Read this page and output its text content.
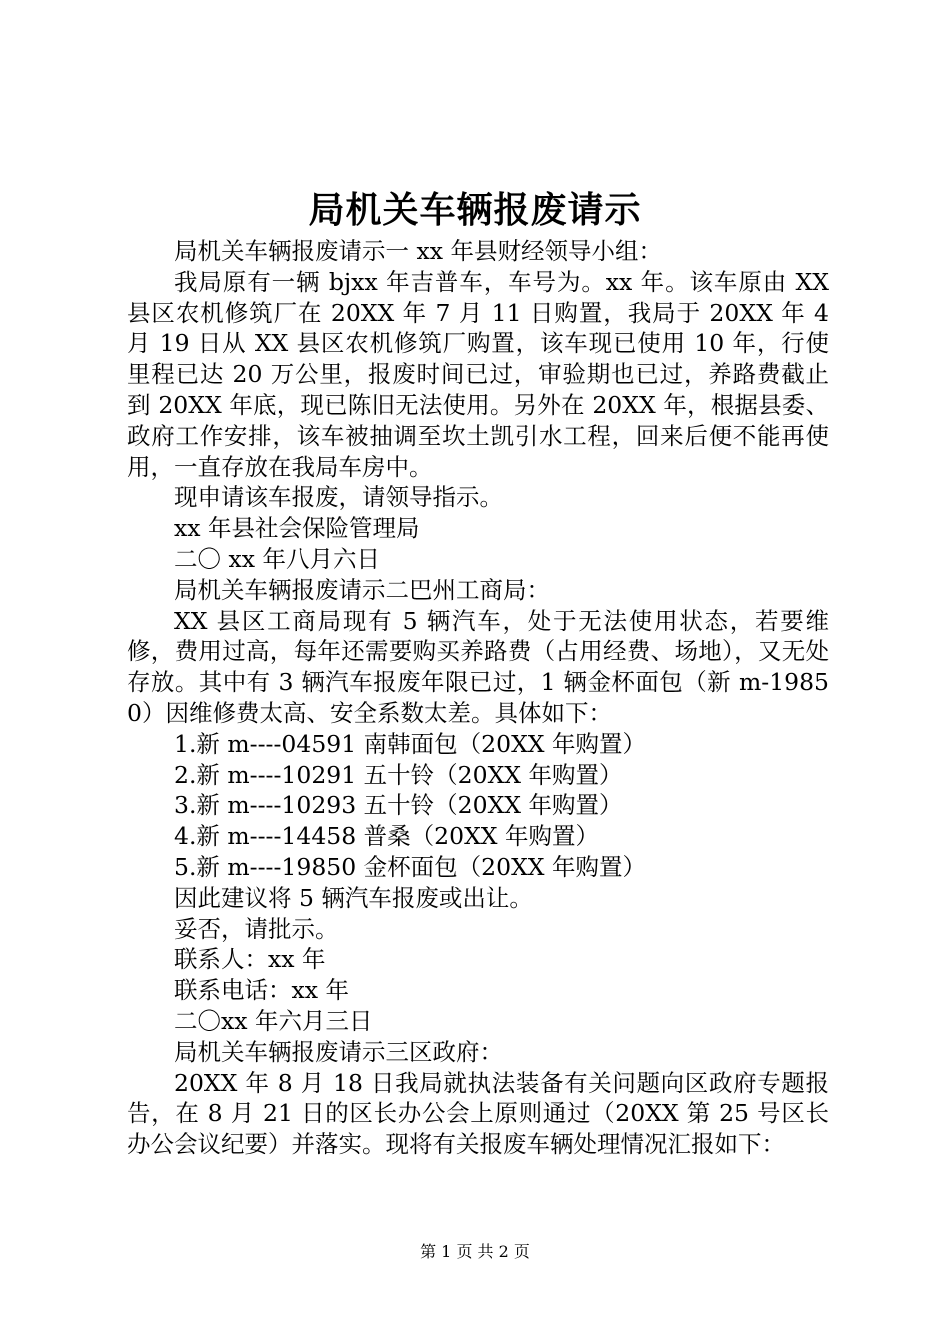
局机关车辆报废请示

局机关车辆报废请示一 xx 年县财经领导小组：

我局原有一辆 bjxx 年吉普车，车号为。xx 年。该车原由 XX 县区农机修筑厂在 20XX 年 7 月 11 日购置，我局于 20XX 年 4 月 19 日从 XX 县区农机修筑厂购置，该车现已使用 10 年，行使里程已达 20 万公里，报废时间已过，审验期也已过，养路费截止到 20XX 年底，现已陈旧无法使用。另外在 20XX 年，根据县委、政府工作安排，该车被抽调至坎土凯引水工程，回来后便不能再使用，一直存放在我局车房中。

现申请该车报废，请领导指示。

xx 年县社会保险管理局

二〇 xx 年八月六日

局机关车辆报废请示二巴州工商局：

XX 县区工商局现有 5 辆汽车，处于无法使用状态，若要维修，费用过高，每年还需要购买养路费（占用经费、场地），又无处存放。其中有 3 辆汽车报废年限已过，1 辆金杯面包（新 m-19850）因维修费太高、安全系数太差。具体如下：

1.新 m----04591 南韩面包（20XX 年购置）

2.新 m----10291 五十铃（20XX 年购置）

3.新 m----10293 五十铃（20XX 年购置）

4.新 m----14458 普桑（20XX 年购置）

5.新 m----19850 金杯面包（20XX 年购置）

因此建议将 5 辆汽车报废或出让。

妥否，请批示。

联系人：xx 年

联系电话：xx 年

二〇xx 年六月三日

局机关车辆报废请示三区政府：

20XX 年 8 月 18 日我局就执法装备有关问题向区政府专题报告，在 8 月 21 日的区长办公会上原则通过（20XX 第 25 号区长办公会议纪要）并落实。现将有关报废车辆处理情况汇报如下：

第 1 页 共 2 页
